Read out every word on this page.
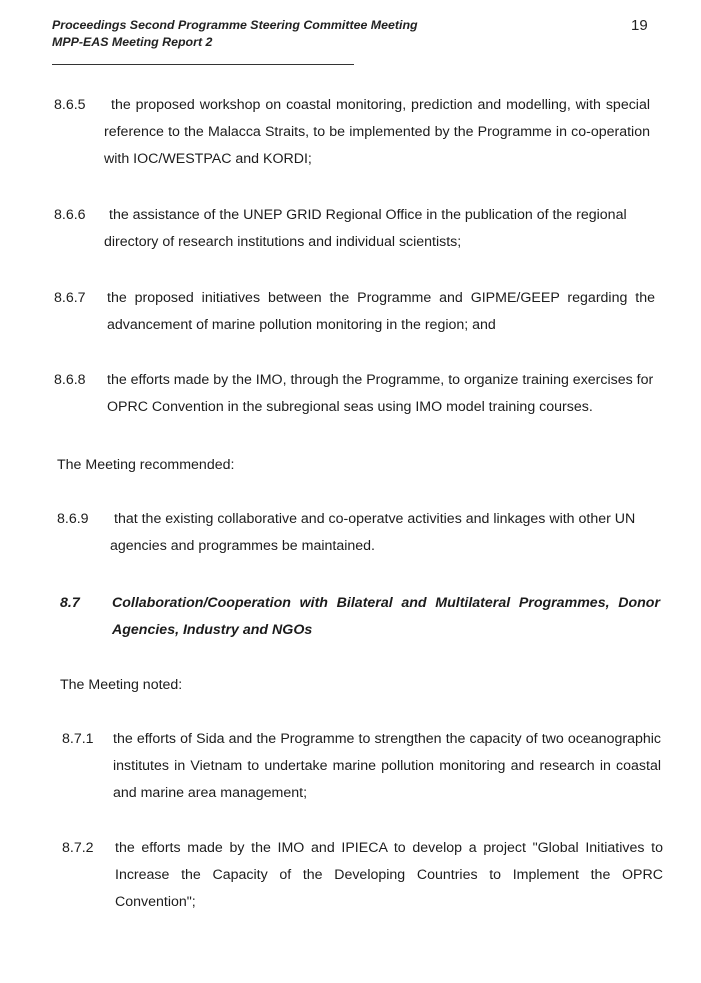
Proceedings Second Programme Steering Committee Meeting
MPP-EAS Meeting Report 2
19
8.6.5	the proposed workshop on coastal monitoring, prediction and modelling, with special reference to the Malacca Straits, to be implemented by the Programme in co-operation with IOC/WESTPAC and KORDI;
8.6.6	the assistance of the UNEP GRID Regional Office in the publication of the regional directory of research institutions and individual scientists;
8.6.7 the proposed initiatives between the Programme and GIPME/GEEP regarding the advancement of marine pollution monitoring in the region; and
8.6.8 the efforts made by the IMO, through the Programme, to organize training exercises for OPRC Convention in the subregional seas using IMO model training courses.
The Meeting recommended:
8.6.9 that the existing collaborative and co-operatve activities and linkages with other UN agencies and programmes be maintained.
8.7 Collaboration/Cooperation with Bilateral and Multilateral Programmes, Donor Agencies, Industry and NGOs
The Meeting noted:
8.7.1 the efforts of Sida and the Programme to strengthen the capacity of two oceanographic institutes in Vietnam to undertake marine pollution monitoring and research in coastal and marine area management;
8.7.2 the efforts made by the IMO and IPIECA to develop a project "Global Initiatives to Increase the Capacity of the Developing Countries to Implement the OPRC Convention";
